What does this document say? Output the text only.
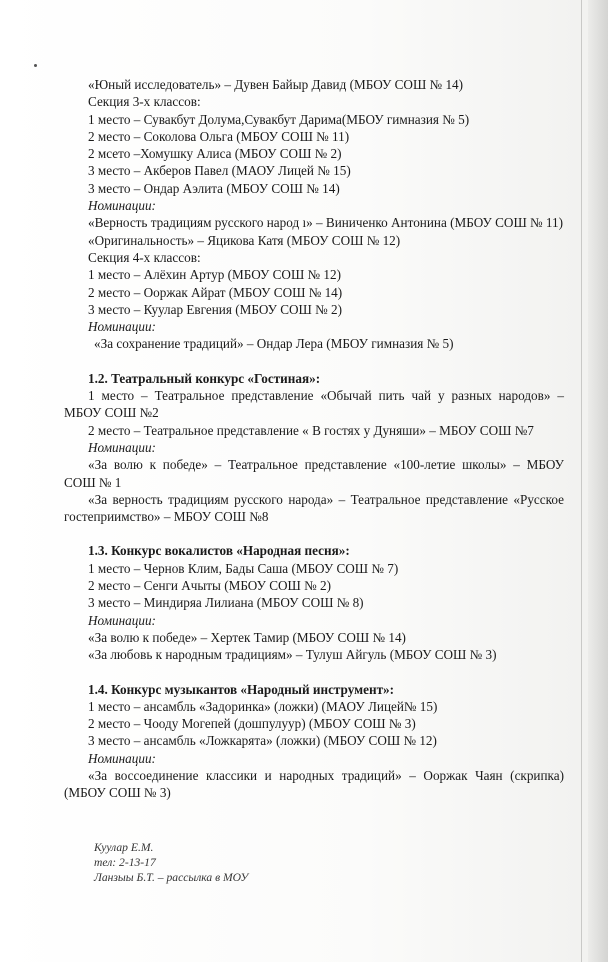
«Юный исследователь» – Дувен Байыр Давид (МБОУ СОШ № 14)

Секция 3-х классов:

1 место – Сувакбут Долума,Сувакбут Дарима(МБОУ гимназия № 5)

2 место – Соколова Ольга (МБОУ СОШ № 11)

2 мсето –Хомушку Алиса (МБОУ СОШ № 2)

3 место – Акберов Павел (МАОУ Лицей № 15)

3 место – Ондар Аэлита (МБОУ СОШ № 14)

Номинации:

«Верность традициям русского народ ı» – Виниченко Антонина (МБОУ СОШ № 11)

«Оригинальность» – Яцикова Катя (МБОУ СОШ № 12)

Секция 4-х классов:

1 место – Алёхин Артур (МБОУ СОШ № 12)

2 место – Ооржак Айрат (МБОУ СОШ № 14)

3 место – Куулар Евгения (МБОУ СОШ № 2)

Номинации:

«За сохранение традиций» – Ондар Лера (МБОУ гимназия № 5)

1.2. Театральный конкурс «Гостиная»:

1 место – Театральное представление «Обычай пить чай у разных народов» – МБОУ СОШ №2

2 место – Театральное представление « В гостях у Дуняши» – МБОУ СОШ №7

Номинации:

«За волю к победе» – Театральное представление «100-летие школы» – МБОУ СОШ № 1

«За верность традициям русского народа» – Театральное представление «Русское гостеприимство» – МБОУ СОШ №8

1.3. Конкурс вокалистов «Народная песня»:

1 место – Чернов Клим, Бады Саша (МБОУ СОШ № 7)

2 место – Сенги Ачыты (МБОУ СОШ № 2)

3 место – Миндиряа Лилиана (МБОУ СОШ № 8)

Номинации:

«За волю к победе» – Хертек Тамир (МБОУ СОШ № 14)

«За любовь к народным традициям» – Тулуш Айгуль (МБОУ СОШ № 3)

1.4. Конкурс музыкантов «Народный инструмент»:

1 место – ансамбль «Задоринка» (ложки) (МАОУ Лицей№ 15)

2 место – Чооду Могепей (дошпулуур) (МБОУ СОШ № 3)

3 место – ансамбль «Ложкарята» (ложки) (МБОУ СОШ № 12)

Номинации:

«За воссоединение классики и народных традиций» – Ооржак Чаян (скрипка) (МБОУ СОШ № 3)

Куулар Е.М.

тел: 2-13-17

Ланзыы Б.Т. – рассылка в МОУ
